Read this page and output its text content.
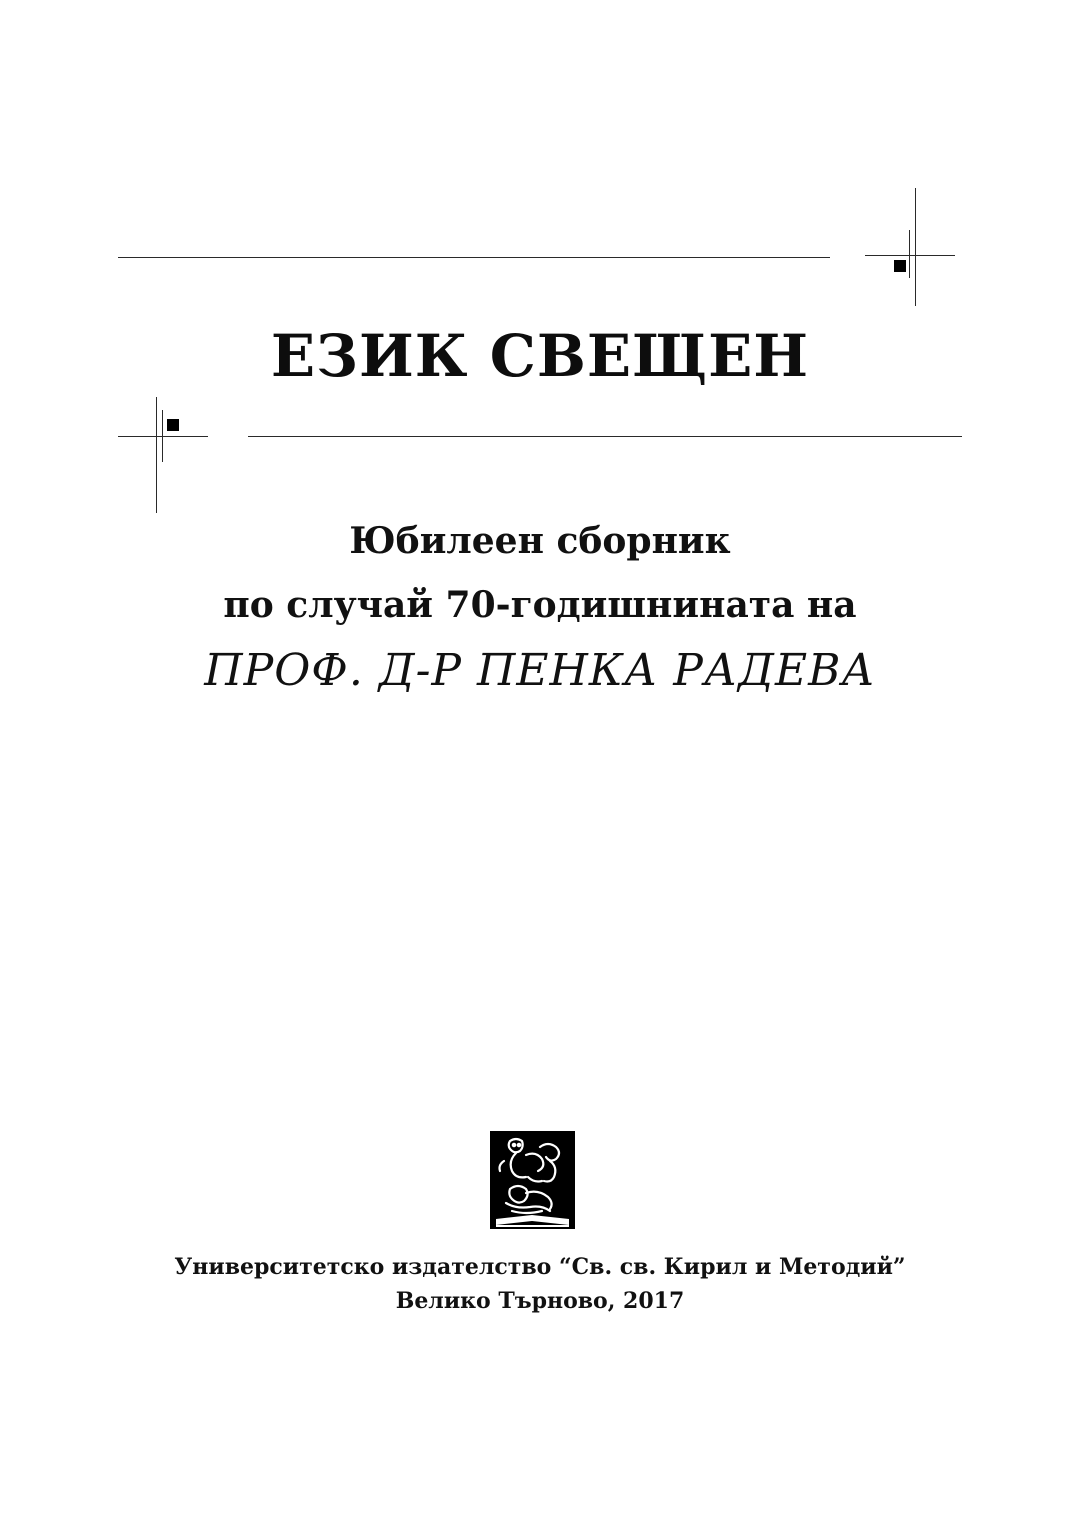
ЕЗИК СВЕЩЕН
Юбилеен сборник
по случай 70-годишнината на
ПРОФ. Д-Р ПЕНКА РАДЕВА
Университетско издателство “Св. св. Кирил и Методий”
Велико Търново, 2017
